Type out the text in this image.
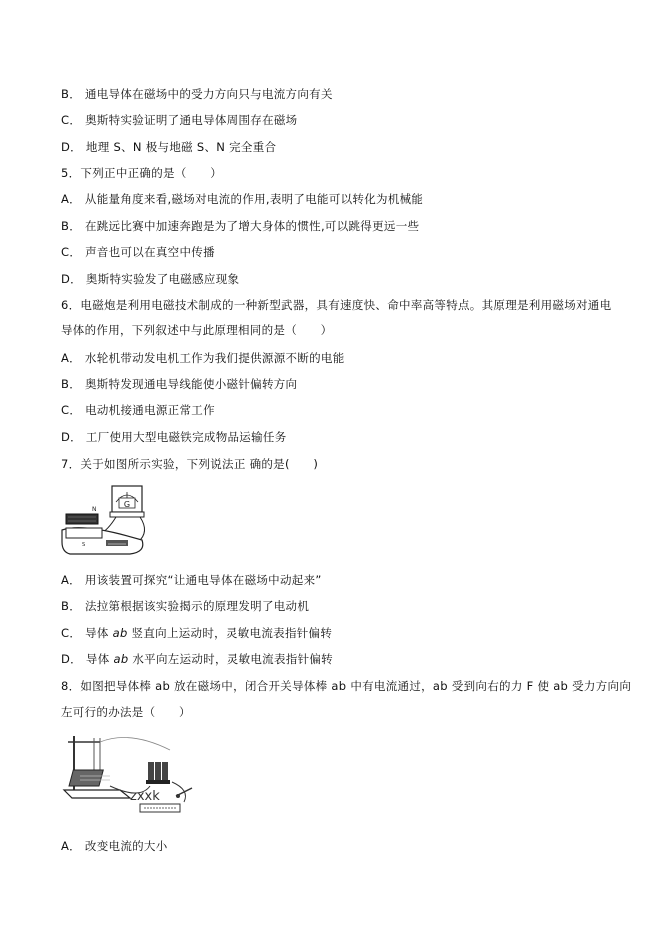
B． 通电导体在磁场中的受力方向只与电流方向有关
C． 奥斯特实验证明了通电导体周围存在磁场
D． 地理 S、N 极与地磁 S、N 完全重合
5．下列正中正确的是（　　）
A． 从能量角度来看,磁场对电流的作用,表明了电能可以转化为机械能
B． 在跳远比赛中加速奔跑是为了增大身体的惯性,可以跳得更远一些
C． 声音也可以在真空中传播
D． 奥斯特实验发了电磁感应现象
6．电磁炮是利用电磁技术制成的一种新型武器，具有速度快、命中率高等特点。其原理是利用磁场对通电
导体的作用，下列叙述中与此原理相同的是（　　）
A． 水轮机带动发电机工作为我们提供源源不断的电能
B． 奥斯特发现通电导线能使小磁针偏转方向
C． 电动机接通电源正常工作
D． 工厂使用大型电磁铁完成物品运输任务
7．关于如图所示实验，下列说法正 确的是(　　)
G
N
S
A． 用该装置可探究“让通电导体在磁场中动起来”
B． 法拉第根据该实验揭示的原理发明了电动机
C． 导体 ab 竖直向上运动时，灵敏电流表指针偏转
D． 导体 ab 水平向左运动时，灵敏电流表指针偏转
8．如图把导体棒 ab 放在磁场中，闭合开关导体棒 ab 中有电流通过，ab 受到向右的力 F 使 ab 受力方向向
左可行的办法是（　　）
zxxk
A． 改变电流的大小
